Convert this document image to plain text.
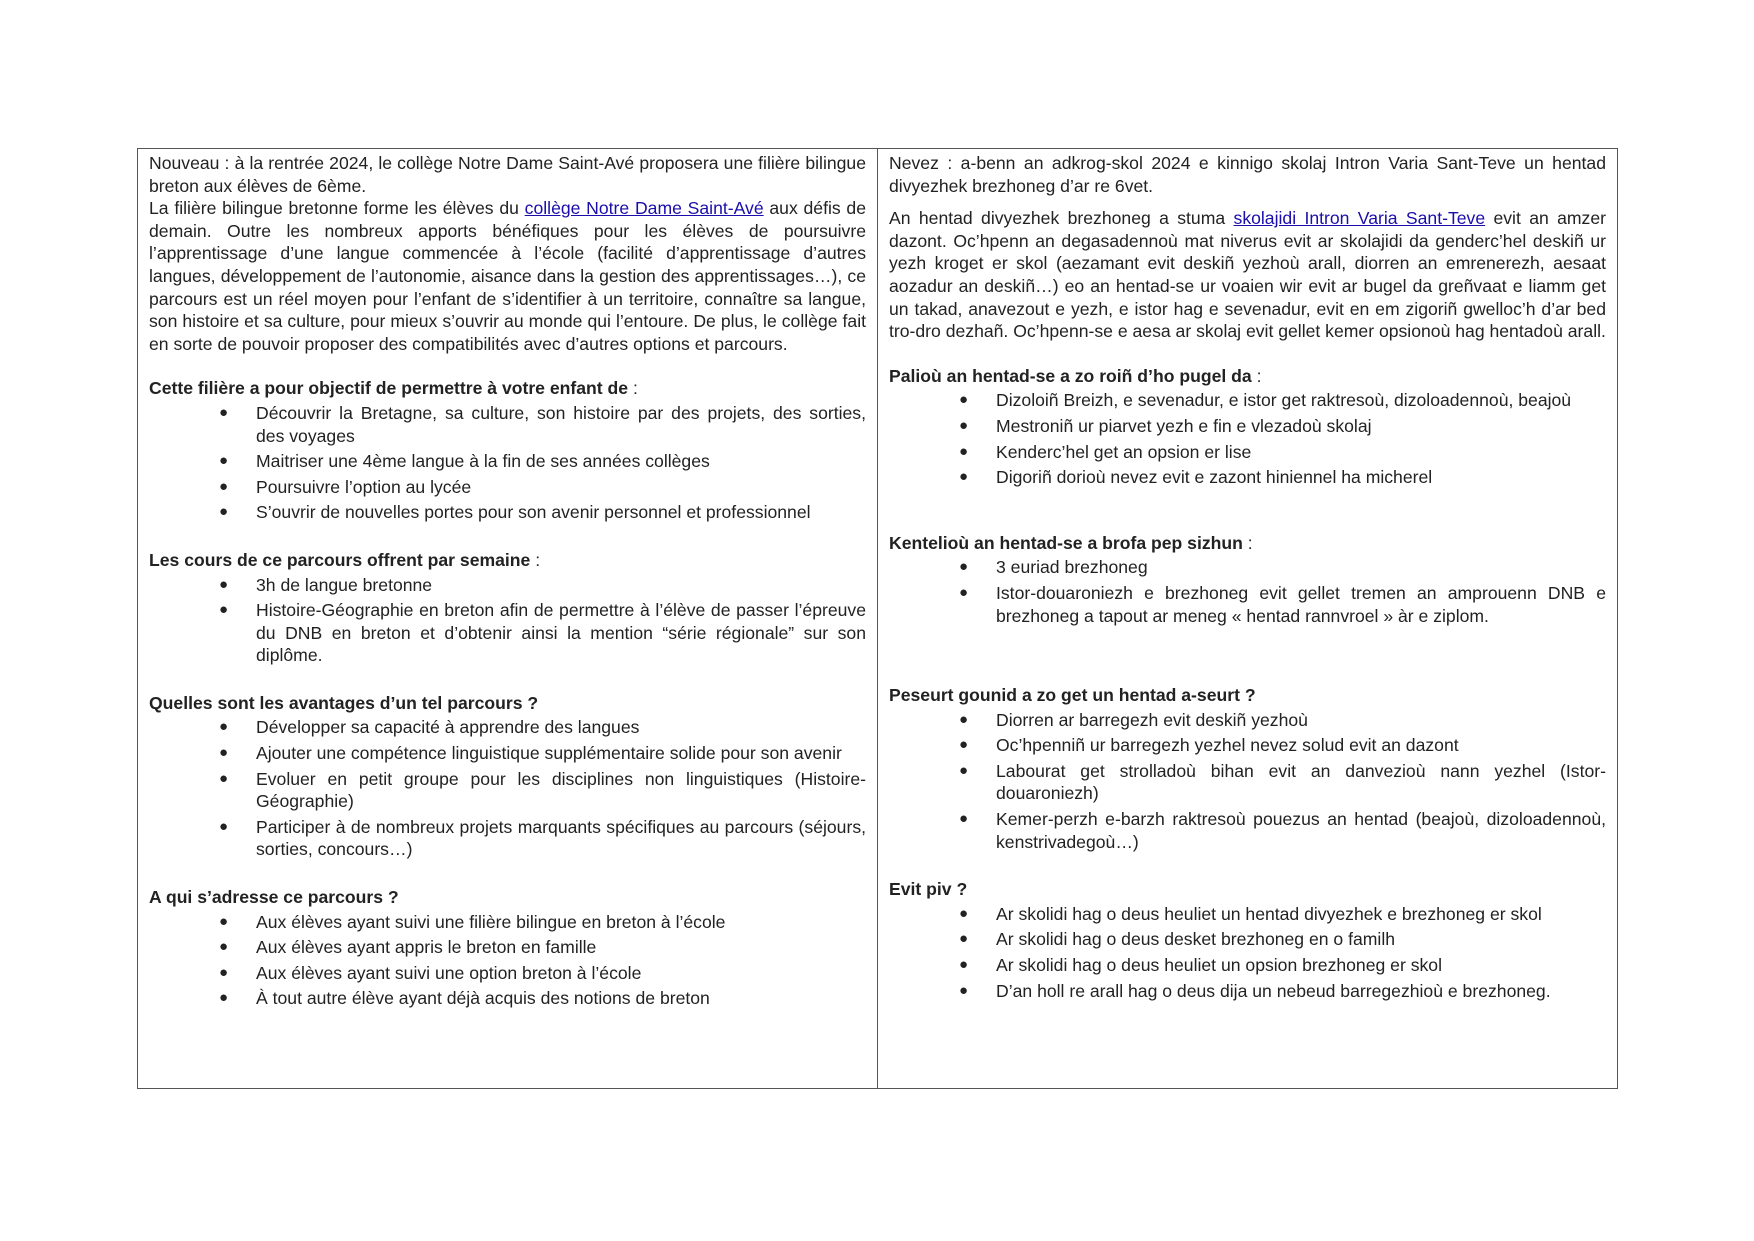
Nouveau : à la rentrée 2024, le collège Notre Dame Saint-Avé proposera une filière bilingue breton aux élèves de 6ème.

La filière bilingue bretonne forme les élèves du collège Notre Dame Saint-Avé aux défis de demain. Outre les nombreux apports bénéfiques pour les élèves de poursuivre l’apprentissage d’une langue commencée à l’école (facilité d’apprentissage d’autres langues, développement de l’autonomie, aisance dans la gestion des apprentissages…), ce parcours est un réel moyen pour l’enfant de s’identifier à un territoire, connaître sa langue, son histoire et sa culture, pour mieux s’ouvrir au monde qui l’entoure. De plus, le collège fait en sorte de pouvoir proposer des compatibilités avec d’autres options et parcours.

Cette filière a pour objectif de permettre à votre enfant de :

● Découvrir la Bretagne, sa culture, son histoire par des projets, des sorties, des voyages
● Maitriser une 4ème langue à la fin de ses années collèges
● Poursuivre l’option au lycée
● S’ouvrir de nouvelles portes pour son avenir personnel et professionnel

Les cours de ce parcours offrent par semaine :

● 3h de langue bretonne
● Histoire-Géographie en breton afin de permettre à l’élève de passer l’épreuve du DNB en breton et d’obtenir ainsi la mention “série régionale” sur son diplôme.

Quelles sont les avantages d’un tel parcours ?

● Développer sa capacité à apprendre des langues
● Ajouter une compétence linguistique supplémentaire solide pour son avenir
● Evoluer en petit groupe pour les disciplines non linguistiques (Histoire-Géographie)
● Participer à de nombreux projets marquants spécifiques au parcours (séjours, sorties, concours…)

A qui s’adresse ce parcours ?

● Aux élèves ayant suivi une filière bilingue en breton à l’école
● Aux élèves ayant appris le breton en famille
● Aux élèves ayant suivi une option breton à l’école
● À tout autre élève ayant déjà acquis des notions de breton

Nevez : a-benn an adkrog-skol 2024 e kinnigo skolaj Intron Varia Sant-Teve un hentad divyezhek brezhoneg d’ar re 6vet.

An hentad divyezhek brezhoneg a stuma skolajidi Intron Varia Sant-Teve evit an amzer dazont. Oc’hpenn an degasadennoù mat niverus evit ar skolajidi da genderc’hel deskiñ ur yezh kroget er skol (aezamant evit deskiñ yezhoù arall, diorren an emrenerezh, aesaat aozadur an deskiñ…) eo an hentad-se ur voaien wir evit ar bugel da greñvaat e liamm get un takad, anavezout e yezh, e istor hag e sevenadur, evit en em zigoriñ gwelloc’h d’ar bed tro-dro dezhañ. Oc’hpenn-se e aesa ar skolaj evit gellet kemer opsionoù hag hentadoù arall.

Palioù an hentad-se a zo roiñ d’ho pugel da :

● Dizoloiñ Breizh, e sevenadur, e istor get raktresoù, dizoloadennoù, beajoù
● Mestroniñ ur piarvet yezh e fin e vlezadoù skolaj
● Kenderc’hel get an opsion er lise
● Digoriñ dorioù nevez evit e zazont hiniennel ha micherel

Kenteliοù an hentad-se a brofa pep sizhun :

● 3 euriad brezhoneg
● Istor-douaroniezh e brezhoneg evit gellet tremen an amprouenn DNB e brezhoneg a tapout ar meneg « hentad rannvroel » àr e ziplom.

Peseurt gounid a zo get un hentad a-seurt ?

● Diorren ar barregezh evit deskiñ yezhoù
● Oc’hpenniñ ur barregezh yezhel nevez solud evit an dazont
● Labourat get strolladoù bihan evit an danvezioù nann yezhel (Istor-douaroniezh)
● Kemer-perzh e-barzh raktresoù pouezus an hentad (beajoù, dizoloadennoù, kenstrivadegoù…)

Evit piv ?

● Ar skolidi hag o deus heuliet un hentad divyezhek e brezhoneg er skol
● Ar skolidi hag o deus desket brezhoneg en o familh
● Ar skolidi hag o deus heuliet un opsion brezhoneg er skol
● D’an holl re arall hag o deus dija un nebeud barregezhioù e brezhoneg.
